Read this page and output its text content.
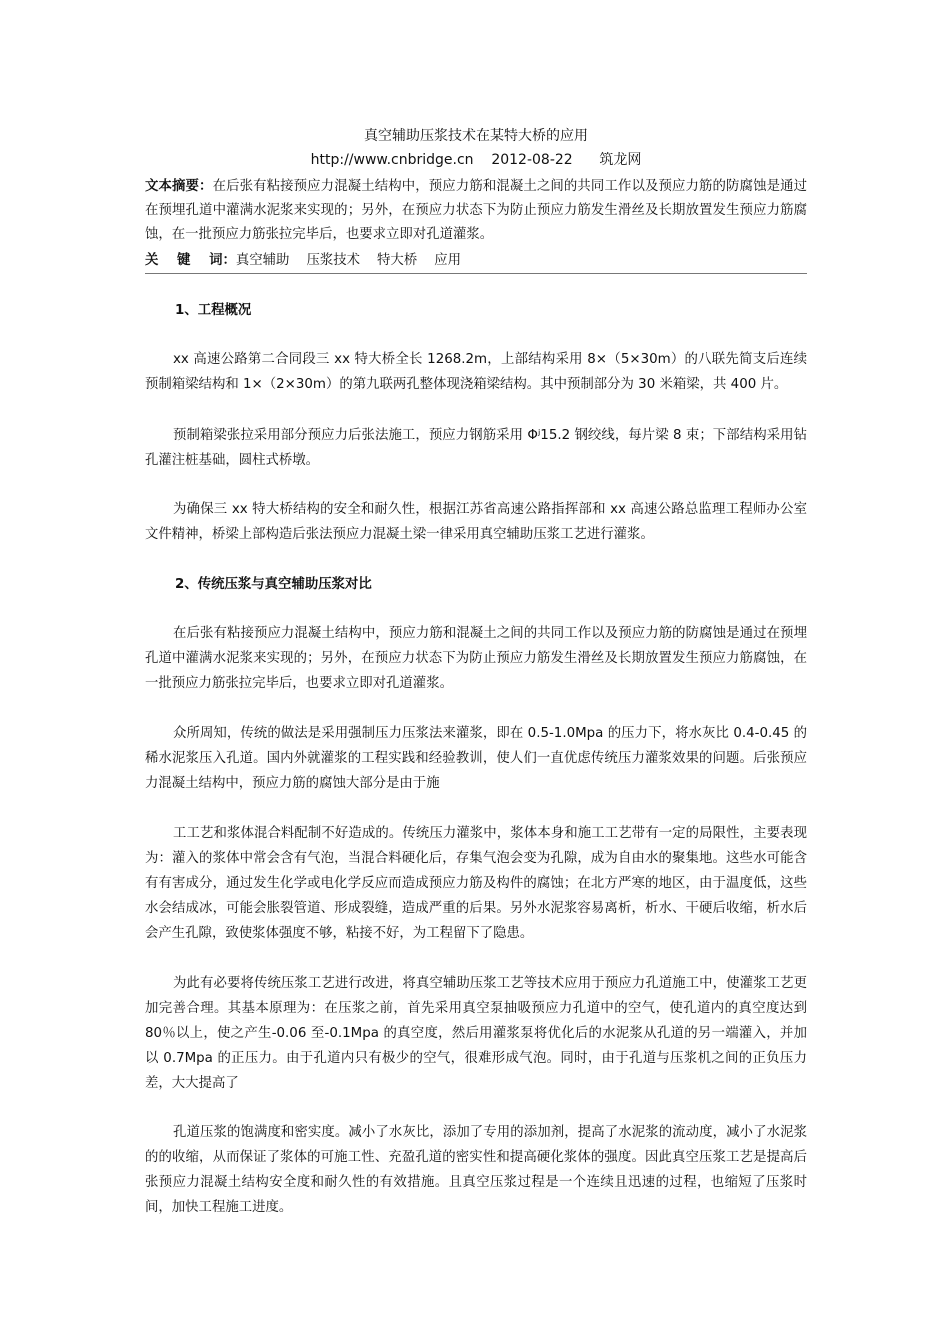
真空辅助压浆技术在某特大桥的应用
http://www.cnbridge.cn    2012-08-22      筑龙网
文本摘要：在后张有粘接预应力混凝土结构中，预应力筋和混凝土之间的共同工作以及预应力筋的防腐蚀是通过在预埋孔道中灌满水泥浆来实现的；另外，在预应力状态下为防止预应力筋发生滑丝及长期放置发生预应力筋腐蚀，在一批预应力筋张拉完毕后，也要求立即对孔道灌浆。
关    键    词：真空辅助    压浆技术    特大桥    应用
1、工程概况

xx 高速公路第二合同段三 xx 特大桥全长 1268.2m，上部结构采用 8×（5×30m）的八联先简支后连续预制箱梁结构和 1×（2×30m）的第九联两孔整体现浇箱梁结构。其中预制部分为 30 米箱梁，共 400 片。

预制箱梁张拉采用部分预应力后张法施工，预应力钢筋采用 Φʲ15.2 钢绞线，每片梁 8 束；下部结构采用钻孔灌注桩基础，圆柱式桥墩。

为确保三 xx 特大桥结构的安全和耐久性，根据江苏省高速公路指挥部和 xx 高速公路总监理工程师办公室文件精神，桥梁上部构造后张法预应力混凝土梁一律采用真空辅助压浆工艺进行灌浆。

2、传统压浆与真空辅助压浆对比

在后张有粘接预应力混凝土结构中，预应力筋和混凝土之间的共同工作以及预应力筋的防腐蚀是通过在预埋孔道中灌满水泥浆来实现的；另外，在预应力状态下为防止预应力筋发生滑丝及长期放置发生预应力筋腐蚀，在一批预应力筋张拉完毕后，也要求立即对孔道灌浆。

众所周知，传统的做法是采用强制压力压浆法来灌浆，即在 0.5-1.0Mpa 的压力下，将水灰比 0.4-0.45 的稀水泥浆压入孔道。国内外就灌浆的工程实践和经验教训，使人们一直优虑传统压力灌浆效果的问题。后张预应力混凝土结构中，预应力筋的腐蚀大部分是由于施

工工艺和浆体混合料配制不好造成的。传统压力灌浆中，浆体本身和施工工艺带有一定的局限性，主要表现为：灌入的浆体中常会含有气泡，当混合料硬化后，存集气泡会变为孔隙，成为自由水的聚集地。这些水可能含有有害成分，通过发生化学或电化学反应而造成预应力筋及构件的腐蚀；在北方严寒的地区，由于温度低，这些水会结成冰，可能会胀裂管道、形成裂缝，造成严重的后果。另外水泥浆容易离析，析水、干硬后收缩，析水后会产生孔隙，致使浆体强度不够，粘接不好，为工程留下了隐患。

为此有必要将传统压浆工艺进行改进，将真空辅助压浆工艺等技术应用于预应力孔道施工中，使灌浆工艺更加完善合理。其基本原理为：在压浆之前，首先采用真空泵抽吸预应力孔道中的空气，使孔道内的真空度达到 80％以上，使之产生-0.06 至-0.1Mpa 的真空度，然后用灌浆泵将优化后的水泥浆从孔道的另一端灌入，并加以 0.7Mpa 的正压力。由于孔道内只有极少的空气，很难形成气泡。同时，由于孔道与压浆机之间的正负压力差，大大提高了

孔道压浆的饱满度和密实度。减小了水灰比，添加了专用的添加剂，提高了水泥浆的流动度，减小了水泥浆的的收缩，从而保证了浆体的可施工性、充盈孔道的密实性和提高硬化浆体的强度。因此真空压浆工艺是提高后张预应力混凝土结构安全度和耐久性的有效措施。且真空压浆过程是一个连续且迅速的过程，也缩短了压浆时间，加快工程施工进度。
